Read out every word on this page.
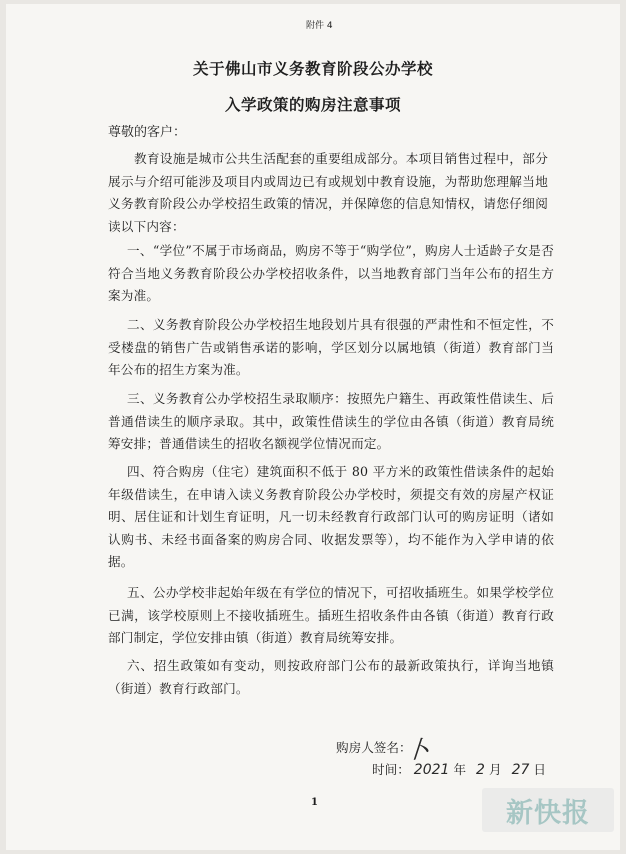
附件 4
关于佛山市义务教育阶段公办学校
入学政策的购房注意事项
尊敬的客户：
教育设施是城市公共生活配套的重要组成部分。本项目销售过程中，部分展示与介绍可能涉及项目内或周边已有或规划中教育设施，为帮助您理解当地义务教育阶段公办学校招生政策的情况，并保障您的信息知情权，请您仔细阅读以下内容：
一、“学位”不属于市场商品，购房不等于“购学位”，购房人士适龄子女是否符合当地义务教育阶段公办学校招收条件，以当地教育部门当年公布的招生方案为准。
二、义务教育阶段公办学校招生地段划片具有很强的严肃性和不恒定性，不受楼盘的销售广告或销售承诺的影响，学区划分以属地镇（街道）教育部门当年公布的招生方案为准。
三、义务教育公办学校招生录取顺序：按照先户籍生、再政策性借读生、后普通借读生的顺序录取。其中，政策性借读生的学位由各镇（街道）教育局统筹安排；普通借读生的招收名额视学位情况而定。
四、符合购房（住宅）建筑面积不低于 80 平方米的政策性借读条件的起始年级借读生，在申请入读义务教育阶段公办学校时，须提交有效的房屋产权证明、居住证和计划生育证明，凡一切未经教育行政部门认可的购房证明（诸如认购书、未经书面备案的购房合同、收据发票等），均不能作为入学申请的依据。
五、公办学校非起始年级在有学位的情况下，可招收插班生。如果学校学位已满，该学校原则上不接收插班生。插班生招收条件由各镇（街道）教育行政部门制定，学位安排由镇（街道）教育局统筹安排。
六、招生政策如有变动，则按政府部门公布的最新政策执行，详询当地镇（街道）教育行政部门。
购房人签名：
卜
时间： 2021 年 2 月 27 日
1	新快报
